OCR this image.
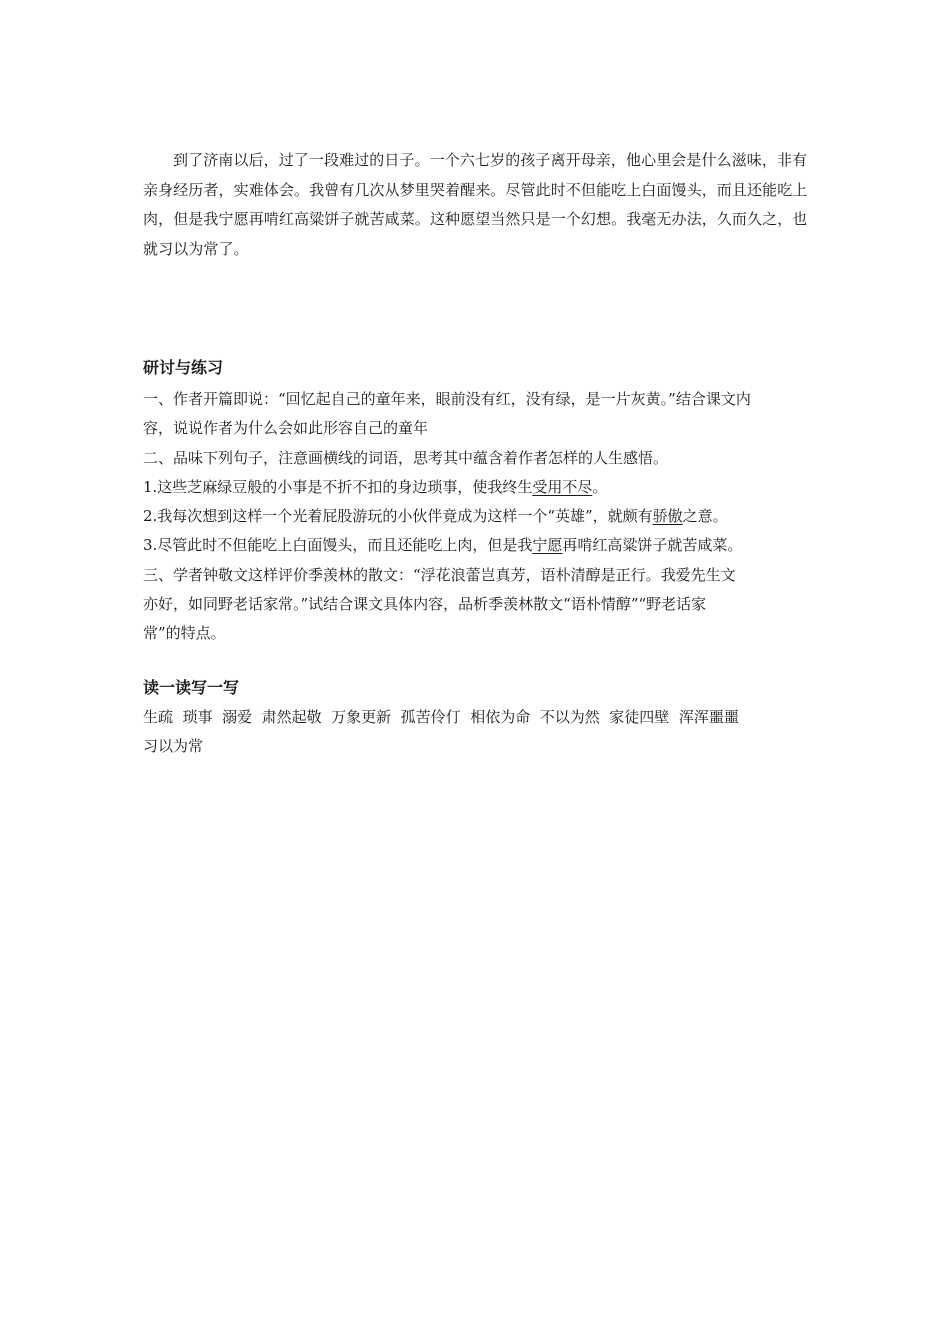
到了济南以后，过了一段难过的日子。一个六七岁的孩子离开母亲，他心里会是什么滋味，非有亲身经历者，实难体会。我曾有几次从梦里哭着醒来。尽管此时不但能吃上白面馒头，而且还能吃上肉，但是我宁愿再啃红高粱饼子就苦咸菜。这种愿望当然只是一个幻想。我毫无办法，久而久之，也就习以为常了。

研讨与练习

一、作者开篇即说：“回忆起自己的童年来，眼前没有红，没有绿，是一片灰黄。”结合课文内

容，说说作者为什么会如此形容自己的童年

二、品味下列句子，注意画横线的词语，思考其中蕴含着作者怎样的人生感悟。

1.这些芝麻绿豆般的小事是不折不扣的身边琐事，使我终生受用不尽。

2.我每次想到这样一个光着屁股游玩的小伙伴竟成为这样一个“英雄”，就颇有骄傲之意。

3.尽管此时不但能吃上白面馒头，而且还能吃上肉，但是我宁愿再啃红高粱饼子就苦咸菜。

三、学者钟敬文这样评价季羡林的散文：“浮花浪蕾岂真芳，语朴清醇是正行。我爱先生文

亦好，如同野老话家常。”试结合课文具体内容，品析季羡林散文“语朴情醇”“野老话家

常”的特点。

读一读写一写

生疏  琐事  溺爱  肃然起敬  万象更新  孤苦伶仃  相依为命  不以为然  家徒四壁  浑浑噩噩

习以为常
